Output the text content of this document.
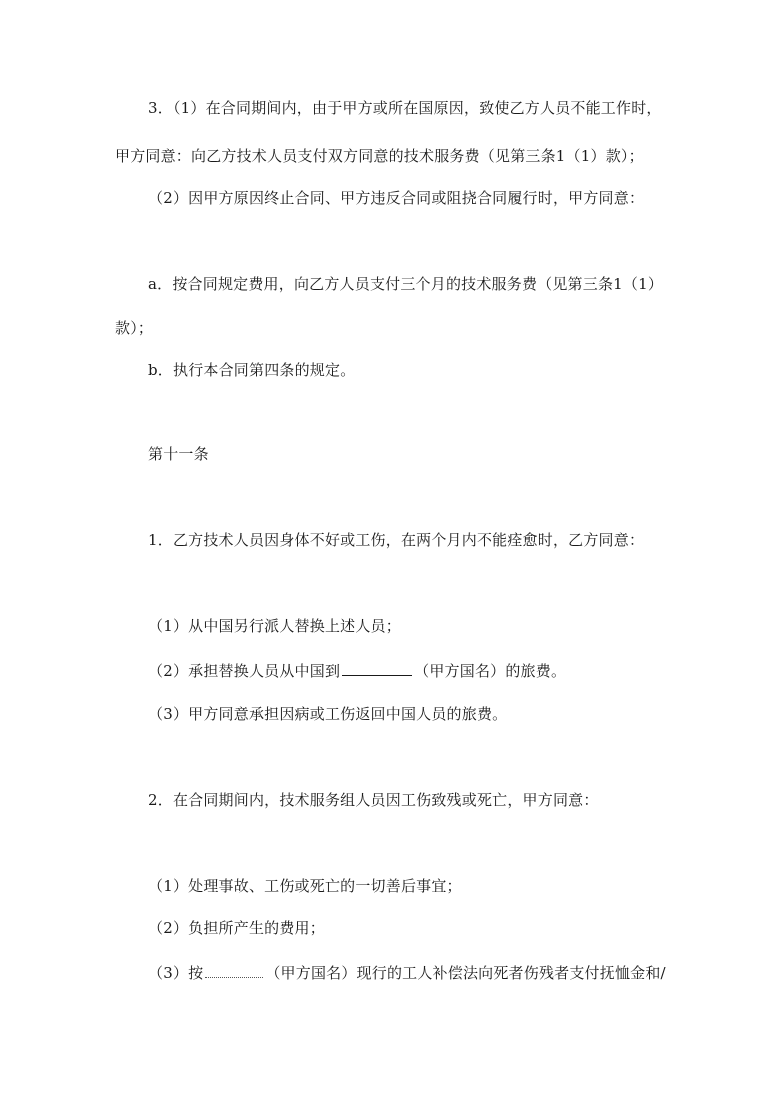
3．（1）在合同期间内，由于甲方或所在国原因，致使乙方人员不能工作时，
甲方同意：向乙方技术人员支付双方同意的技术服务费（见第三条1（1）款）；
（2）因甲方原因终止合同、甲方违反合同或阻挠合同履行时，甲方同意：
a．按合同规定费用，向乙方人员支付三个月的技术服务费（见第三条1（1）
款）；
b．执行本合同第四条的规定。
第十一条
1．乙方技术人员因身体不好或工伤，在两个月内不能痊愈时，乙方同意：
（1）从中国另行派人替换上述人员；
（2）承担替换人员从中国到	（甲方国名）的旅费。
（3）甲方同意承担因病或工伤返回中国人员的旅费。
2．在合同期间内，技术服务组人员因工伤致残或死亡，甲方同意：
（1）处理事故、工伤或死亡的一切善后事宜；
（2）负担所产生的费用；
（3）按	（甲方国名）现行的工人补偿法向死者伤残者支付抚恤金和/
